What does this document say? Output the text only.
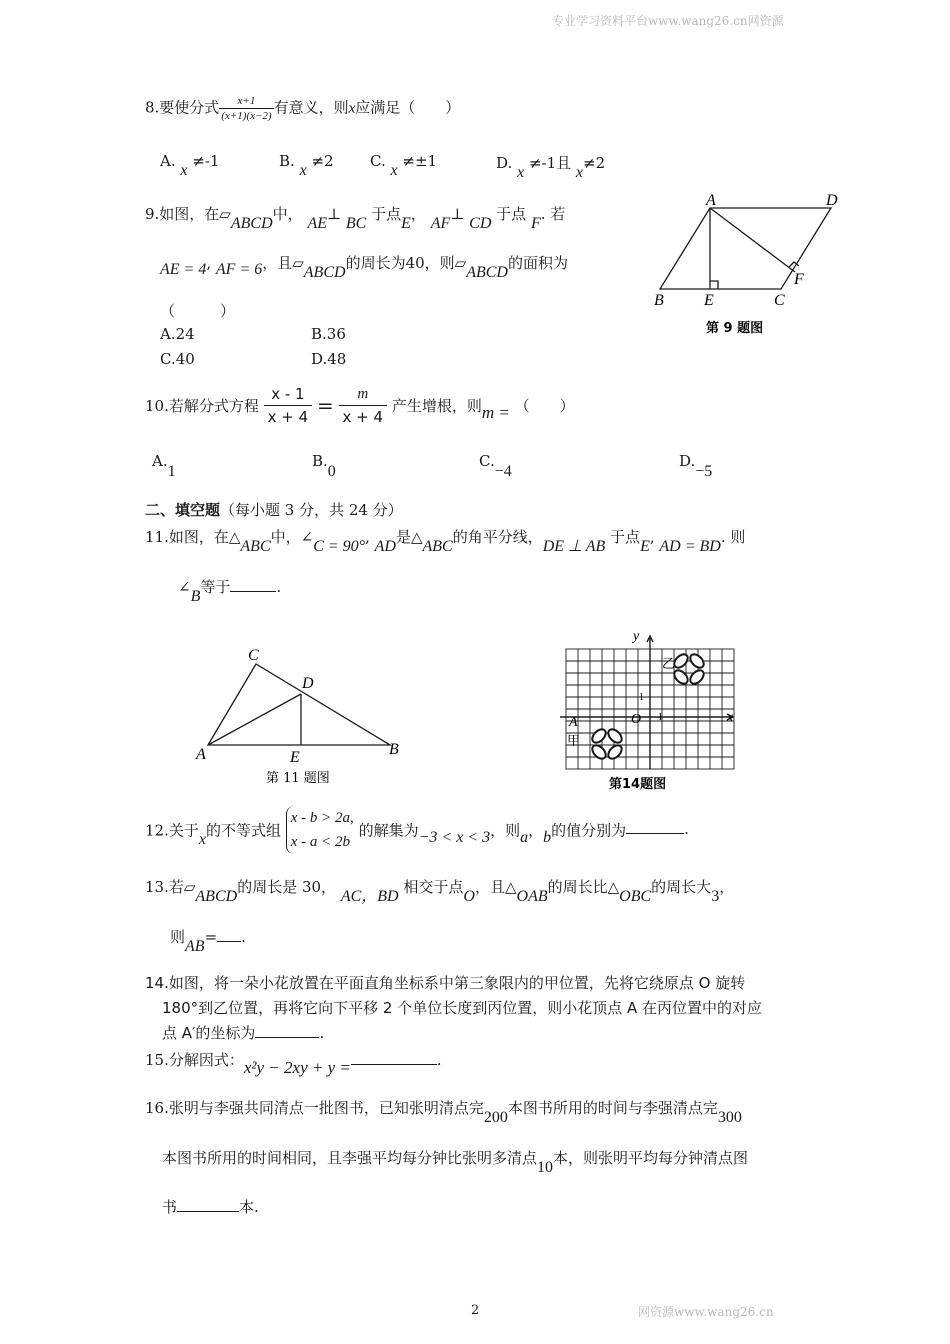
专业学习资料平台www.wang26.cn网资源
网资源www.wang26.cn
2
8.要使分式 $\frac{x+1}{(x+1)(x-2)}$ 有意义，则x应满足（　　）
A. x ≠-1	B. x ≠2 C. x ≠±1	D. x ≠-1且 x≠2
9.如图，在▱ABCD中， AE⊥ BC 于点E， AF⊥ CD 于点 F. 若
AE = 4, AF = 6，且▱ABCD的周长为40，则▱ABCD的面积为
（　　　）
A.24	B.36
C.40	D.48
A	D
B	E	C
F
第 9 题图
10.若解分式方程 $\frac{x - 1}{x + 4} = \frac{m}{x + 4}$ 产生增根，则m = （　　）
A.1
B.0
C.−4
D.−5
二、填空题（每小题 3 分，共 24 分）
11.如图，在△ABC中，∠C = 90°, AD是△ABC的角平分线，DE ⊥ AB 于点E, AD = BD. 则
∠B等于	.
C
D
A	E	B
第 11 题图
y
x
O 1
1
A
甲
乙
第14题图
12.关于x的不等式组
x - b > 2a,
x - a < 2b
的解集为−3 < x < 3，则a，b的值分别为	.
13.若▱ABCD的周长是 30， AC，BD 相交于点O，且△OAB的周长比△OBC的周长大3，
则AB= .
14.如图，将一朵小花放置在平面直角坐标系中第三象限内的甲位置，先将它绕原点 O 旋转
180°到乙位置，再将它向下平移 2 个单位长度到丙位置，则小花顶点 A 在丙位置中的对应
点 A′的坐标为	.
15.分解因式：x²y − 2xy + y =	.
16.张明与李强共同清点一批图书，已知张明清点完200本图书所用的时间与李强清点完300
本图书所用的时间相同，且李强平均每分钟比张明多清点10本，则张明平均每分钟清点图
书	本.
